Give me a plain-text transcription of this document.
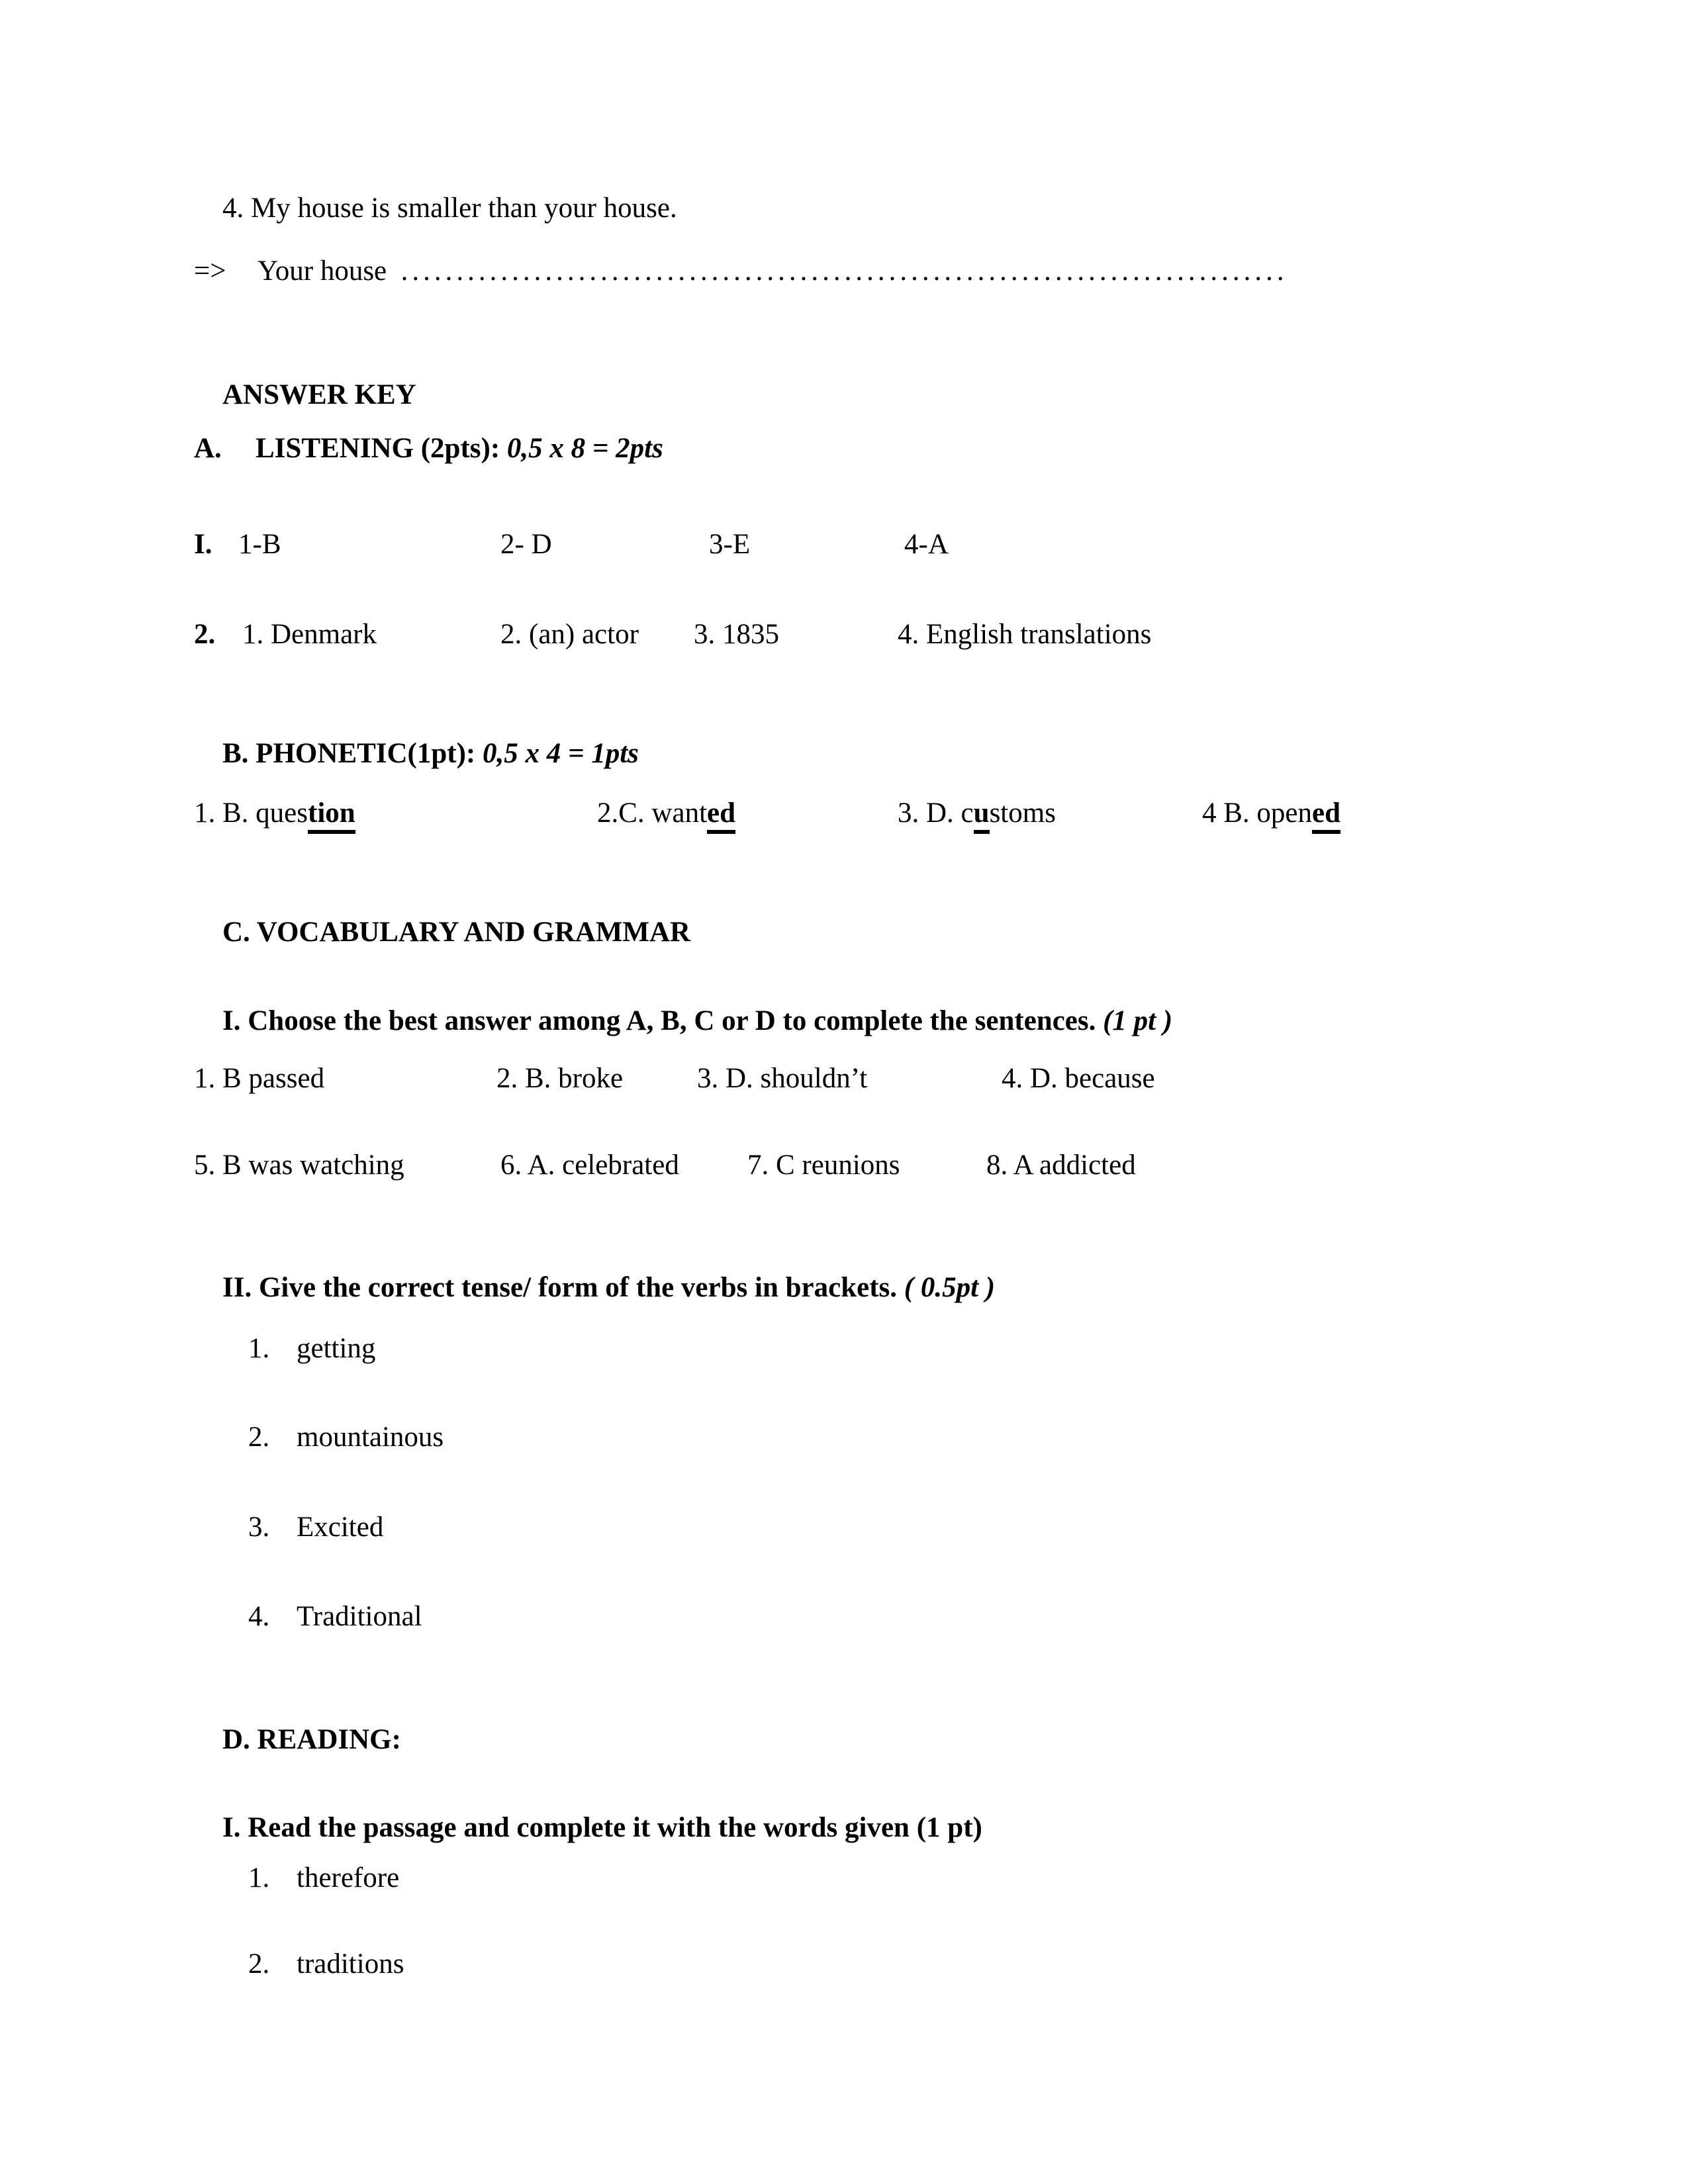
4. My house is smaller than your house.

=>

Your house  ................................................................................

ANSWER KEY

A.

LISTENING (2pts): 0,5 x 8 = 2pts

I.

1-B

	2- D

	3-E

	4-A

2.

1. Denmark

	2. (an) actor

3. 1835

	4. English translations

B. PHONETIC(1pt): 0,5 x 4 = 1pts

1. B. question

	2.C. wanted

	3. D. customs

	4 B. opened

C. VOCABULARY AND GRAMMAR

I. Choose the best answer among A, B, C or D to complete the sentences. (1 pt )

1. B passed

	2. B. broke

	3. D. shouldn’t

	4. D. because

5. B was watching

	6. A. celebrated

7. C reunions

	8. A addicted

II. Give the correct tense/ form of the verbs in brackets. ( 0.5pt )

1.

getting

2.

mountainous

3.

Excited

4.

Traditional

D. READING:

I. Read the passage and complete it with the words given (1 pt)

1.

therefore

2.

traditions
